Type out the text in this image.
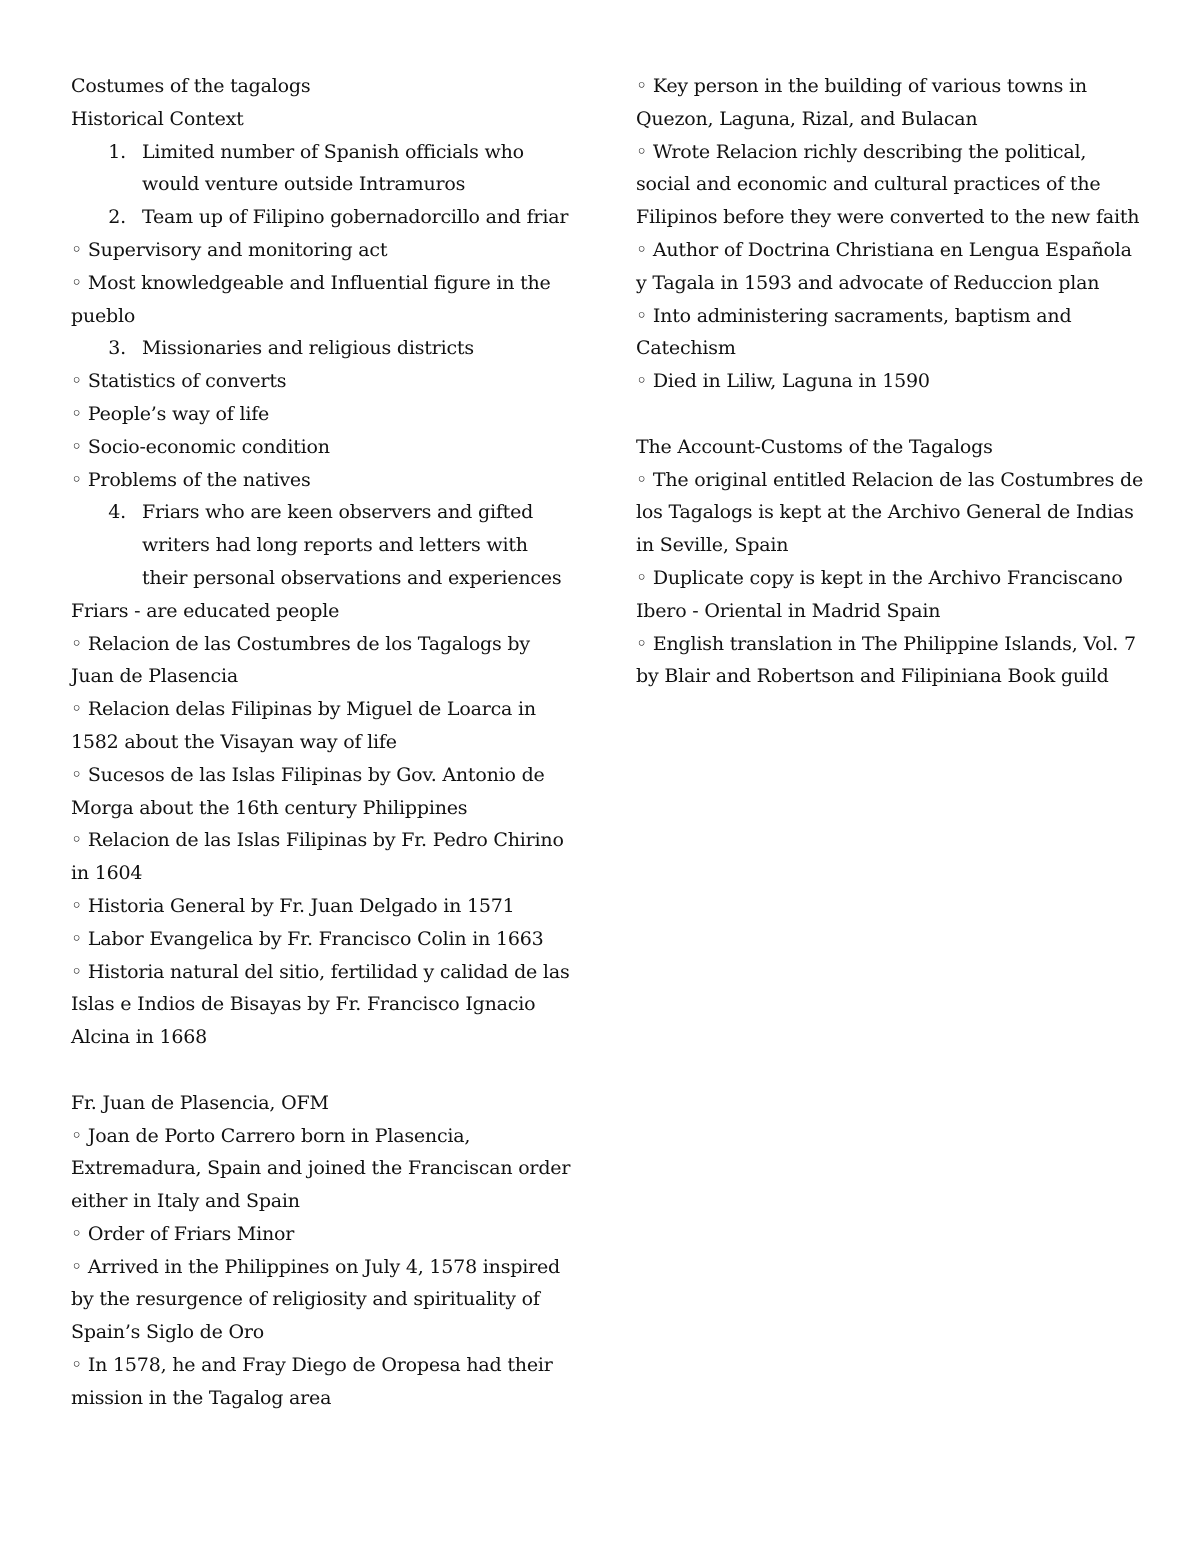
Costumes of the tagalogs

Historical Context

1. Limited number of Spanish officials who would venture outside Intramuros
2. Team up of Filipino gobernadorcillo and friar

◦ Supervisory and monitoring act

◦ Most knowledgeable and Influential figure in the pueblo

3. Missionaries and religious districts

◦ Statistics of converts

◦ People’s way of life

◦ Socio-economic condition

◦ Problems of the natives

4. Friars who are keen observers and gifted writers had long reports and letters with their personal observations and experiences

Friars - are educated people

◦ Relacion de las Costumbres de los Tagalogs by Juan de Plasencia

◦ Relacion delas Filipinas by Miguel de Loarca in 1582 about the Visayan way of life

◦ Sucesos de las Islas Filipinas by Gov. Antonio de Morga about the 16th century Philippines

◦ Relacion de las Islas Filipinas by Fr. Pedro Chirino in 1604

◦ Historia General by Fr. Juan Delgado in 1571

◦ Labor Evangelica by Fr. Francisco Colin in 1663

◦ Historia natural del sitio, fertilidad y calidad de las Islas e Indios de Bisayas by Fr. Francisco Ignacio Alcina in 1668

Fr. Juan de Plasencia, OFM

◦ Joan de Porto Carrero born in Plasencia, Extremadura, Spain and joined the Franciscan order either in Italy and Spain

◦ Order of Friars Minor

◦ Arrived in the Philippines on July 4, 1578 inspired by the resurgence of religiosity and spirituality of Spain’s Siglo de Oro

◦ In 1578, he and Fray Diego de Oropesa had their mission in the Tagalog area

◦ Key person in the building of various towns in Quezon, Laguna, Rizal, and Bulacan

◦ Wrote Relacion richly describing the political, social and economic and cultural practices of the Filipinos before they were converted to the new faith

◦ Author of Doctrina Christiana en Lengua Española y Tagala in 1593 and advocate of Reduccion plan

◦ Into administering sacraments, baptism and Catechism

◦ Died in Liliw, Laguna in 1590

The Account-Customs of the Tagalogs

◦ The original entitled Relacion de las Costumbres de los Tagalogs is kept at the Archivo General de Indias in Seville, Spain

◦ Duplicate copy is kept in the Archivo Franciscano Ibero - Oriental in Madrid Spain

◦ English translation in The Philippine Islands, Vol. 7 by Blair and Robertson and Filipiniana Book guild
